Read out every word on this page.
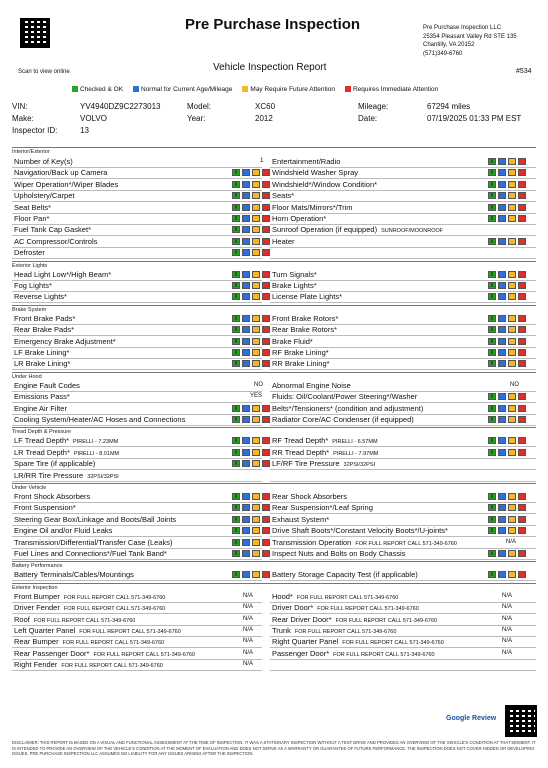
Scan to view online
Pre Purchase Inspection
Vehicle Inspection Report
Pre Purchase Inspection LLC
25354 Pleasant Valley Rd STE 135
Chantilly, VA 20152
(571)349-6760
#534
Checked & OK	Normal for Current Age/Mileage	May Require Future Attention	Requires Immediate Attention
VIN:	YV4940DZ9C2273013
Make:	VOLVO
Inspector ID:	13
Model:	XC60
Year:	2012
Mileage:	67294 miles
Date:	07/19/2025 01:33 PM EST
Interior/Exterior
Number of Key(s)	1 Entertainment/Radio	X
Navigation/Back up Camera	X	Windshield Washer Spray	X
Wiper Operation*/Wiper Blades	X	Windshield*/Window Condition*	X
Upholstery/Carpet	X	Seats*	X
Seat Belts*	X	Floor Mats/Mirrors*/Trim	X
Floor Pan*	X	Horn Operation*	X
Fuel Tank Cap Gasket*	X	Sunroof Operation (if equipped) SUNROOF/MOONROOF
AC Compressor/Controls	X	Heater	X
Defroster	X
Exterior Lights
Head Light Low*/High Beam*	X	Turn Signals*	X
Fog Lights*	X	Brake Lights*	X
Reverse Lights*	X	License Plate Lights*	X
Brake System
Front Brake Pads*	X	Front Brake Rotors*	X
Rear Brake Pads*	X	Rear Brake Rotors*	X
Emergency Brake Adjustment*	X	Brake Fluid*	X
LF Brake Lining*	X	RF Brake Lining*	X
LR Brake Lining*	X	RR Brake Lining*	X
Under Hood
Engine Fault Codes	NO Abnormal Engine Noise	NO
Emissions Pass*	YES Fluids: Oil/Coolant/Power Steering*/Washer	X
Engine Air Filter	X	Belts*/Tensioners* (condition and adjustment)	X
Cooling System/Heater/AC Hoses and Connections	X	Radiator Core/AC Condenser (if equipped)	X
Tread Depth & Pressure
LF Tread Depth* PIRELLI - 7.23MM	X	RF Tread Depth* PIRELLI - 6.57MM	X
LR Tread Depth* PIRELLI - 8.01MM	X	RR Tread Depth* PIRELLI - 7.97MM	X
Spare Tire (if applicable)	X	LF/RF Tire Pressure 32PSI/32PSI
LR/RR Tire Pressure 32PSI/32PSI
Under Vehicle
Front Shock Absorbers	X	Rear Shock Absorbers	X
Front Suspension*	X	Rear Suspension*/Leaf Spring	X
Steering Gear Box/Linkage and Boots/Ball Joints	X	Exhaust System*	X
Engine Oil and/or Fluid Leaks	X	Drive Shaft Boots*/Constant Velocity Boots*/U-joints*	X
Transmission/Differential/Transfer Case (Leaks)	X	Transmission Operation FOR FULL REPORT CALL 571-349-6760	N/A
Fuel Lines and Connections*/Fuel Tank Band*	X	Inspect Nuts and Bolts on Body Chassis	X
Battery Performance
Battery Terminals/Cables/Mountings	X	Battery Storage Capacity Test (if applicable)	X
Exterior Inspection
Front Bumper FOR FULL REPORT CALL 571-349-6760	N/A	Hood* FOR FULL REPORT CALL 571-349-6760	N/A
Driver Fender FOR FULL REPORT CALL 571-349-6760	N/A	Driver Door* FOR FULL REPORT CALL 571-349-6760	N/A
Roof FOR FULL REPORT CALL 571-349-6760	N/A	Rear Driver Door* FOR FULL REPORT CALL 571-349-6760	N/A
Left Quarter Panel FOR FULL REPORT CALL 571-349-6760	N/A	Trunk FOR FULL REPORT CALL 571-349-6760	N/A
Rear Bumper FOR FULL REPORT CALL 571-349-6760	N/A	Right Quarter Panel FOR FULL REPORT CALL 571-349-6760	N/A
Rear Passenger Door* FOR FULL REPORT CALL 571-349-6760	N/A	Passenger Door* FOR FULL REPORT CALL 571-349-6760	N/A
Right Fender FOR FULL REPORT CALL 571-349-6760	N/A
Google Review
DISCLAIMER: THIS REPORT IS BASED ON A VISUAL AND FUNCTIONAL ASSESSMENT AT THE TIME OF INSPECTION. IT WAS A STATIONARY INSPECTION WITHOUT A TEST DRIVE AND PROVIDES AN OVERVIEW OF THE VEHICLE'S CONDITION AT THAT MOMENT. IT IS INTENDED TO PROVIDE AN OVERVIEW OF THE VEHICLE'S CONDITION AT THE MOMENT OF EVALUATION AND DOES NOT SERVE AS A WARRANTY OR GUARANTEE OF FUTURE PERFORMANCE. THE INSPECTION DOES NOT COVER HIDDEN OR DEVELOPING ISSUES. PRE PURCHASE INSPECTION LLC ASSUMES NO LIABILITY FOR ANY ISSUES ARISING AFTER THE INSPECTION.
